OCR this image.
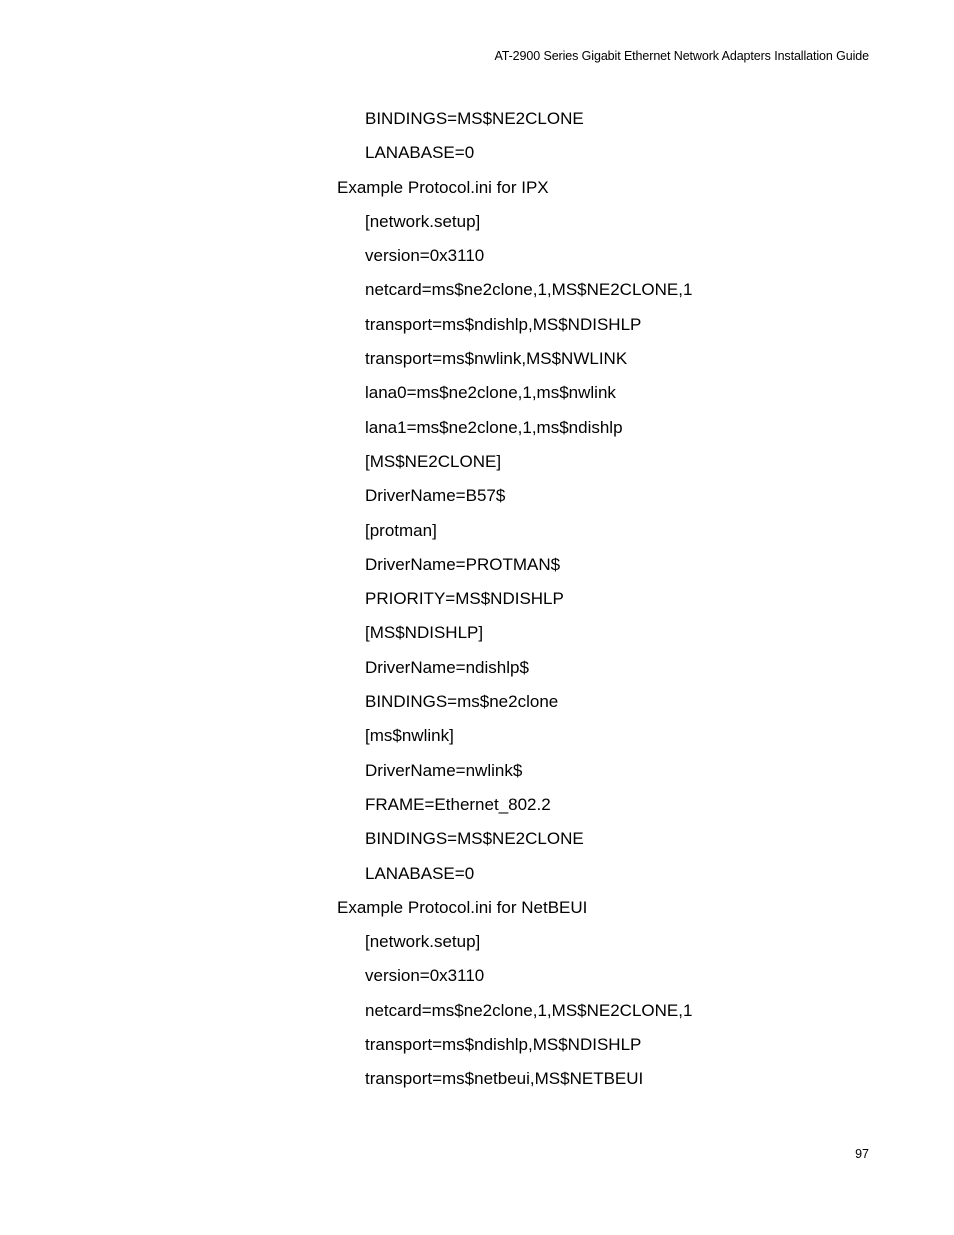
AT-2900 Series Gigabit Ethernet Network Adapters Installation Guide
BINDINGS=MS$NE2CLONE
LANABASE=0
Example Protocol.ini for IPX
[network.setup]
version=0x3110
netcard=ms$ne2clone,1,MS$NE2CLONE,1
transport=ms$ndishlp,MS$NDISHLP
transport=ms$nwlink,MS$NWLINK
lana0=ms$ne2clone,1,ms$nwlink
lana1=ms$ne2clone,1,ms$ndishlp
[MS$NE2CLONE]
DriverName=B57$
[protman]
DriverName=PROTMAN$
PRIORITY=MS$NDISHLP
[MS$NDISHLP]
DriverName=ndishlp$
BINDINGS=ms$ne2clone
[ms$nwlink]
DriverName=nwlink$
FRAME=Ethernet_802.2
BINDINGS=MS$NE2CLONE
LANABASE=0
Example Protocol.ini for NetBEUI
[network.setup]
version=0x3110
netcard=ms$ne2clone,1,MS$NE2CLONE,1
transport=ms$ndishlp,MS$NDISHLP
transport=ms$netbeui,MS$NETBEUI
97
